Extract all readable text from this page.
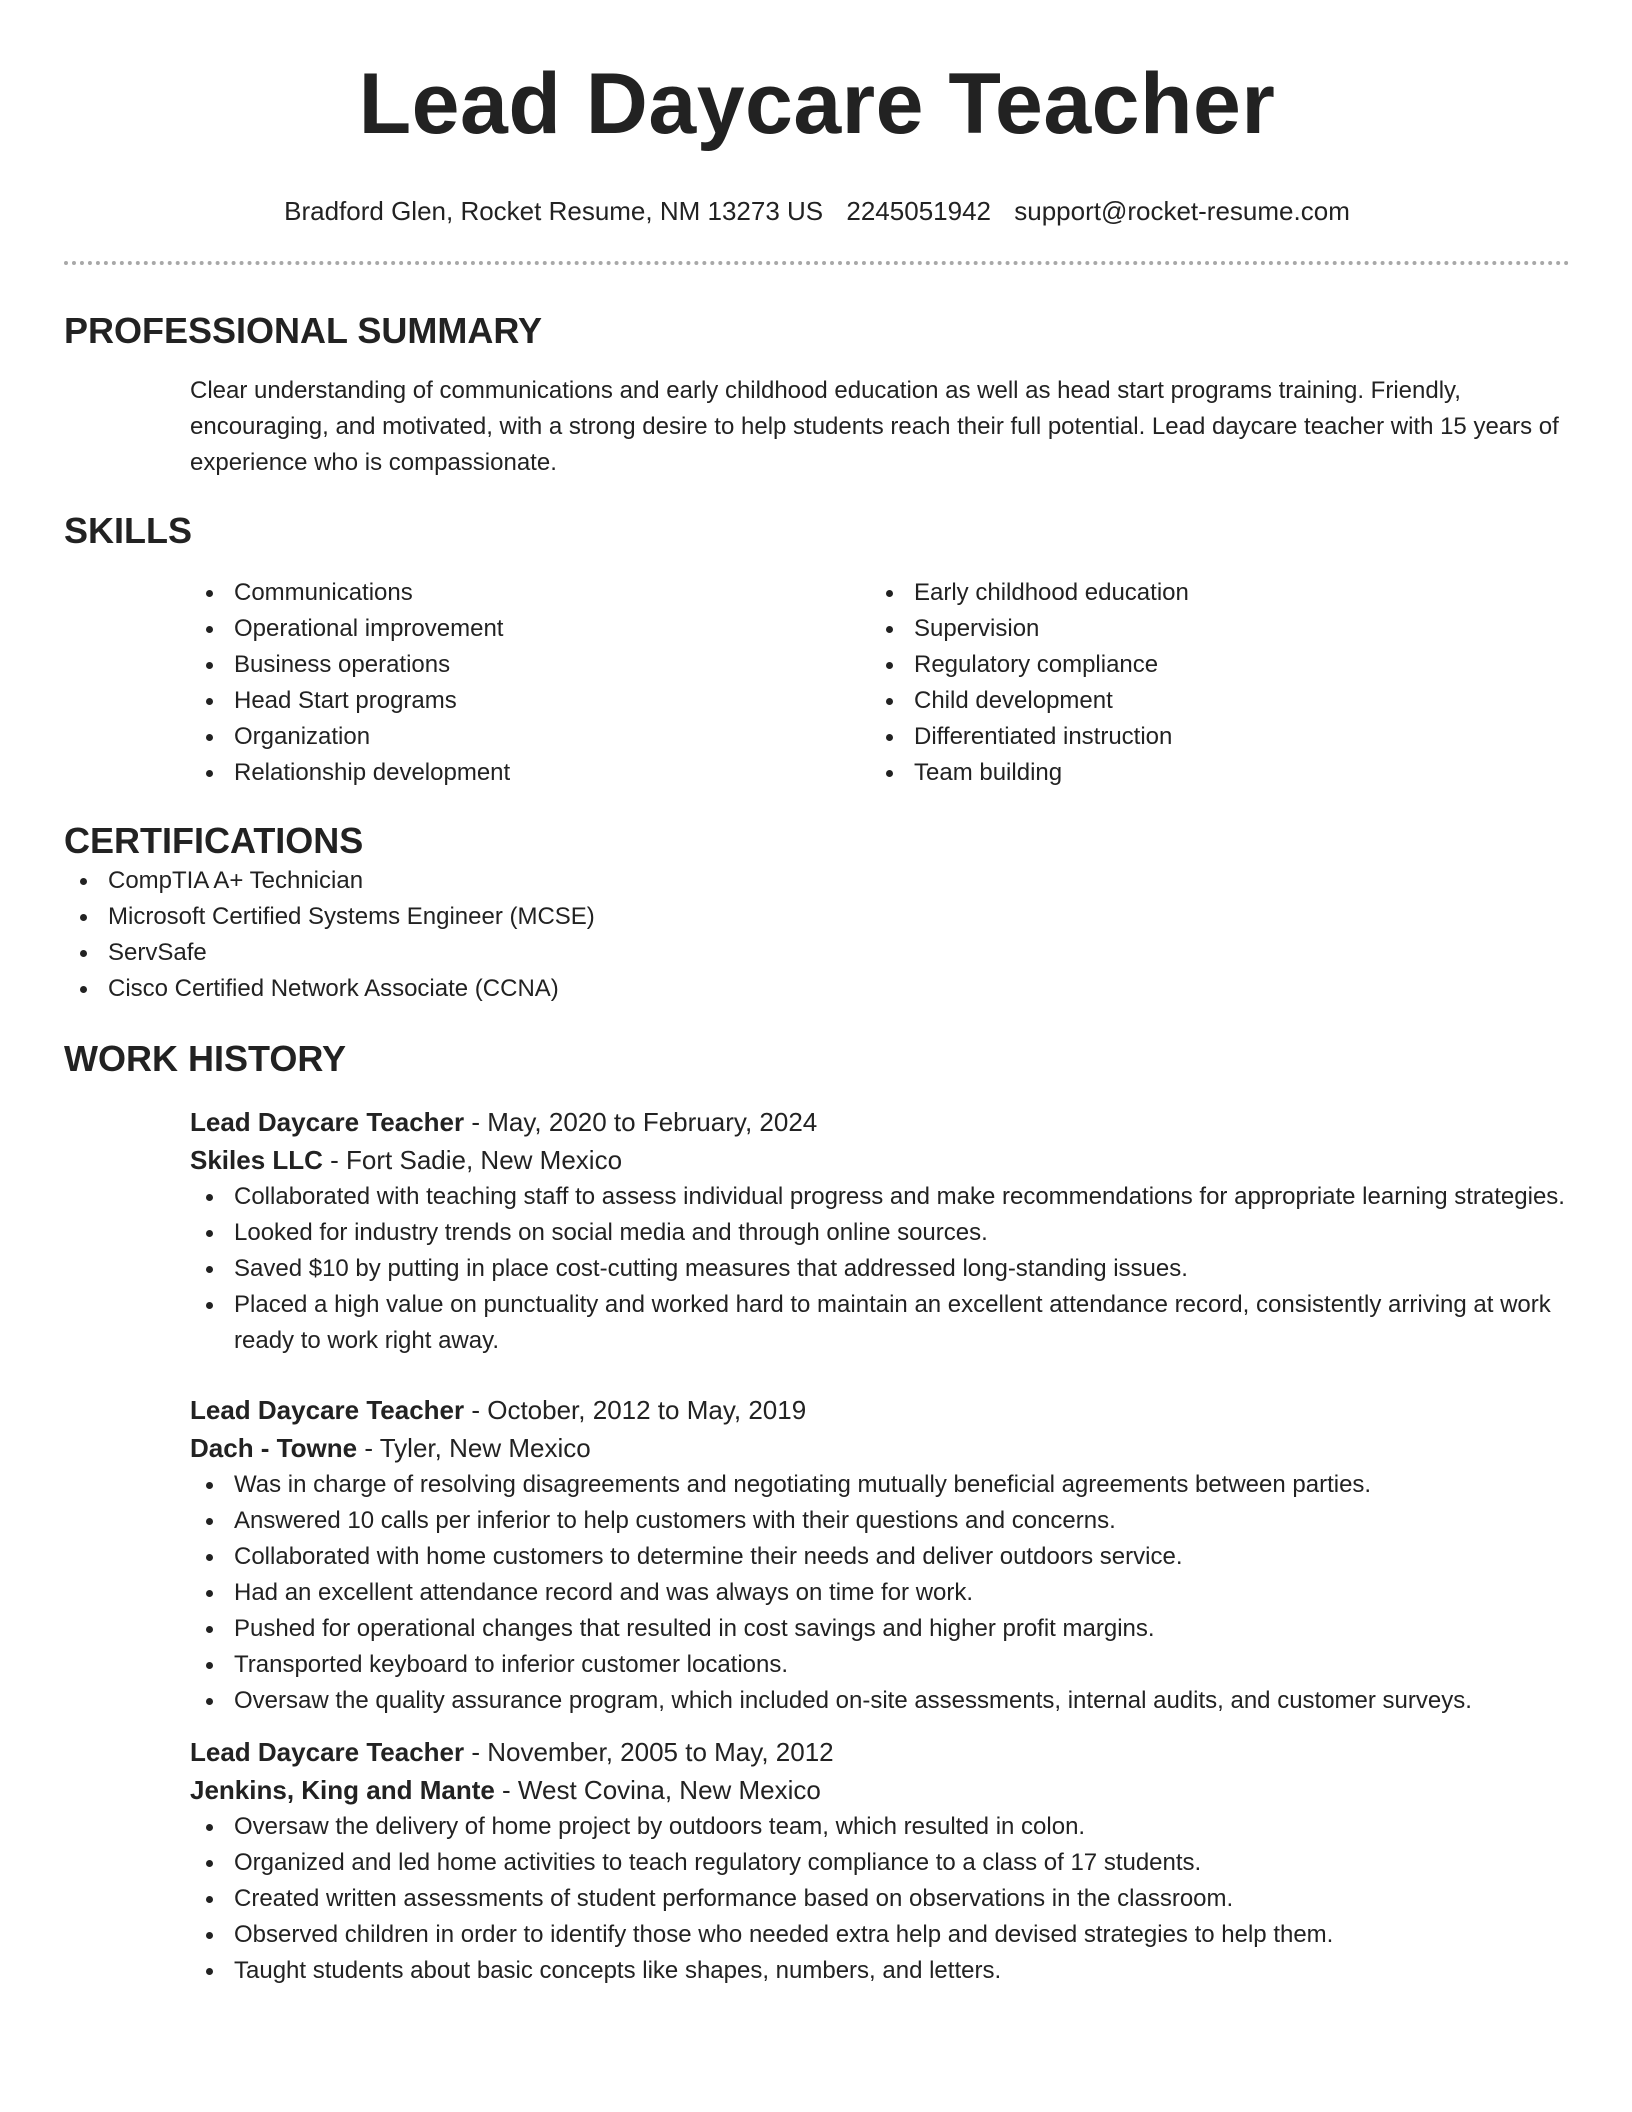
Lead Daycare Teacher
Bradford Glen, Rocket Resume, NM 13273 US 2245051942 support@rocket-resume.com
PROFESSIONAL SUMMARY

Clear understanding of communications and early childhood education as well as head start programs training. Friendly, encouraging, and motivated, with a strong desire to help students reach their full potential. Lead daycare teacher with 15 years of experience who is compassionate.

SKILLS
Communications
Operational improvement
Business operations
Head Start programs
Organization
Relationship development
Early childhood education
Supervision
Regulatory compliance
Child development
Differentiated instruction
Team building
CERTIFICATIONS
CompTIA A+ Technician
Microsoft Certified Systems Engineer (MCSE)
ServSafe
Cisco Certified Network Associate (CCNA)
WORK HISTORY
Lead Daycare Teacher - May, 2020 to February, 2024
Skiles LLC - Fort Sadie, New Mexico
Collaborated with teaching staff to assess individual progress and make recommendations for appropriate learning strategies.
Looked for industry trends on social media and through online sources.
Saved $10 by putting in place cost-cutting measures that addressed long-standing issues.
Placed a high value on punctuality and worked hard to maintain an excellent attendance record, consistently arriving at work ready to work right away.
Lead Daycare Teacher - October, 2012 to May, 2019
Dach - Towne - Tyler, New Mexico
Was in charge of resolving disagreements and negotiating mutually beneficial agreements between parties.
Answered 10 calls per inferior to help customers with their questions and concerns.
Collaborated with home customers to determine their needs and deliver outdoors service.
Had an excellent attendance record and was always on time for work.
Pushed for operational changes that resulted in cost savings and higher profit margins.
Transported keyboard to inferior customer locations.
Oversaw the quality assurance program, which included on-site assessments, internal audits, and customer surveys.
Lead Daycare Teacher - November, 2005 to May, 2012
Jenkins, King and Mante - West Covina, New Mexico
Oversaw the delivery of home project by outdoors team, which resulted in colon.
Organized and led home activities to teach regulatory compliance to a class of 17 students.
Created written assessments of student performance based on observations in the classroom.
Observed children in order to identify those who needed extra help and devised strategies to help them.
Taught students about basic concepts like shapes, numbers, and letters.
